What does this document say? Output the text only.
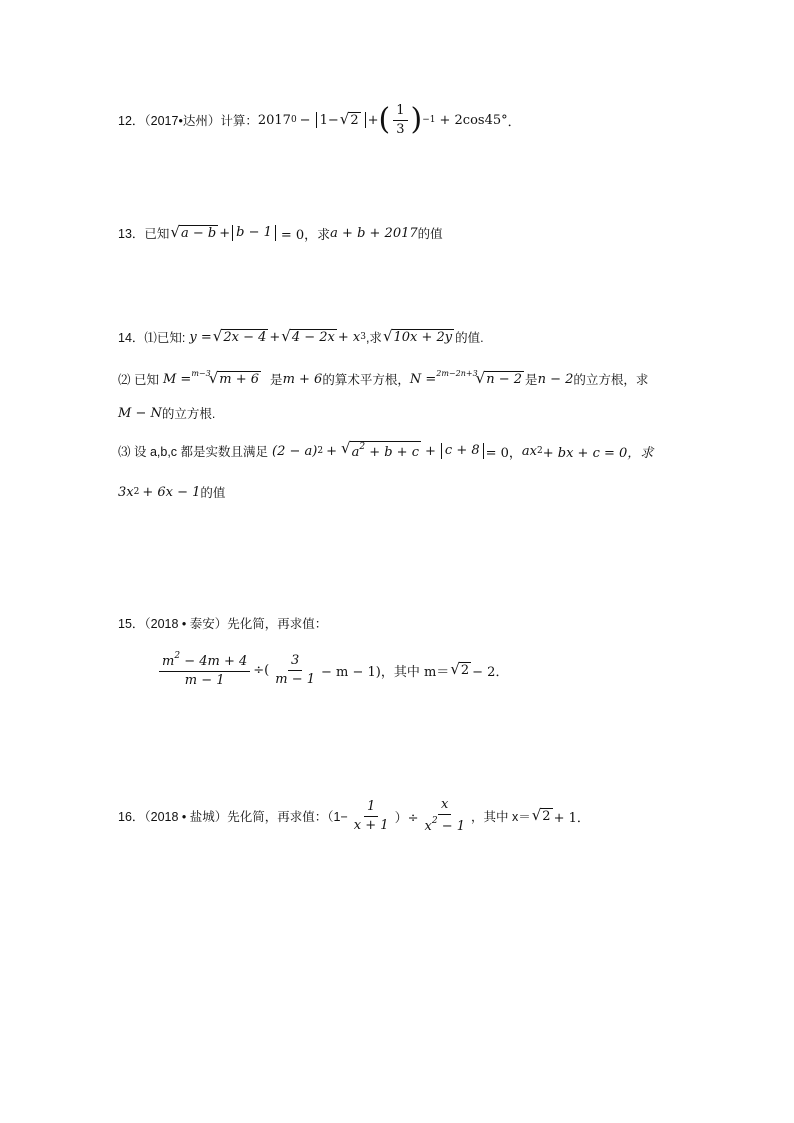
12．（2017•达州）计算： 2017 0 − 1− √ 2 + ( $\frac{1}{3}$ ) −1 + 2cos45° ．
13．已知 √ a − b + b − 1 = 0，求 a + b + 2017 的值
14．⑴已知: y = √ 2x − 4 + √ 4 − 2x + x 3 ,求 √ 10x + 2y 的值.
⑵ 已知 M = m−3
√ m + 6 是 m + 6 的算术平方根， N = 2m−2n+3
√ n − 2 是 n − 2 的立方根，求
M − N 的立方根.
⑶ 设 a,b,c 都是实数且满足 (2 − a) 2 + √ $a^2 + b + c + c + 8 = 0$， ax 2 + bx + c = 0，求
3x 2 + 6x − 1 的值
15．（2018 • 泰安）先化简，再求值：
$\frac{m^2 - 4m + 4}{m - 1}$ ÷( $\frac{3}{m - 1} - m - 1$)，其中 m＝ √ 2 − 2．
16．（2018 • 盐城）先化简，再求值：（$1- \frac{1}{x + 1}$ ）÷ $\frac{x}{x^2 - 1}$ ，其中 x＝ √ 2 + 1．
